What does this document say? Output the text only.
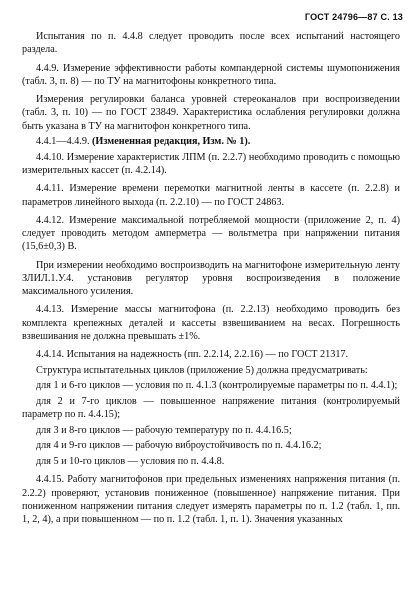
ГОСТ 24796—87 С. 13

Испытания по п. 4.4.8 следует проводить после всех испытаний настоящего раздела.

4.4.9. Измерение эффективности работы компандерной системы шумопонижения (табл. 3, п. 8) — по ТУ на магнитофоны конкретного типа.

Измерения регулировки баланса уровней стереоканалов при воспроизведении (табл. 3, п. 10) — по ГОСТ 23849. Характеристика ослабления регулировки должна быть указана в ТУ на магнитофон конкретного типа.

4.4.1—4.4.9. (Измененная редакция, Изм. № 1).

4.4.10. Измерение характеристик ЛПМ (п. 2.2.7) необходимо проводить с помощью измерительных кассет (п. 4.2.14).

4.4.11. Измерение времени перемотки магнитной ленты в кассете (п. 2.2.8) и параметров линейного выхода (п. 2.2.10) — по ГОСТ 24863.

4.4.12. Измерение максимальной потребляемой мощности (приложение 2, п. 4) следует проводить методом амперметра — вольтметра при напряжении питания (15,6±0,3) В.

При измерении необходимо воспроизводить на магнитофоне измерительную ленту ЗЛИЛ.1.У.4. установив регулятор уровня воспроизведения в положение максимального усиления.

4.4.13. Измерение массы магнитофона (п. 2.2.13) необходимо проводить без комплекта крепежных деталей и кассеты взвешиванием на весах. Погрешность взвешивания не должна превышать ±1%.

4.4.14. Испытания на надежность (пп. 2.2.14, 2.2.16) — по ГОСТ 21317.

Структура испытательных циклов (приложение 5) должна предусматривать:

для 1 и 6-го циклов — условия по п. 4.1.3 (контролируемые параметры по п. 4.4.1);

для 2 и 7-го циклов — повышенное напряжение питания (контролируемый параметр по п. 4.4.15);

для 3 и 8-го циклов — рабочую температуру по п. 4.4.16.5;

для 4 и 9-го циклов — рабочую виброустойчивость по п. 4.4.16.2;

для 5 и 10-го циклов — условия по п. 4.4.8.

4.4.15. Работу магнитофонов при предельных изменениях напряжения питания (п. 2.2.2) проверяют, установив пониженное (повышенное) напряжение питания. При пониженном напряжении питания следует измерять параметры по п. 1.2 (табл. 1, пп. 1, 2, 4), а при повышенном — по п. 1.2 (табл. 1, п. 1). Значения указанных
